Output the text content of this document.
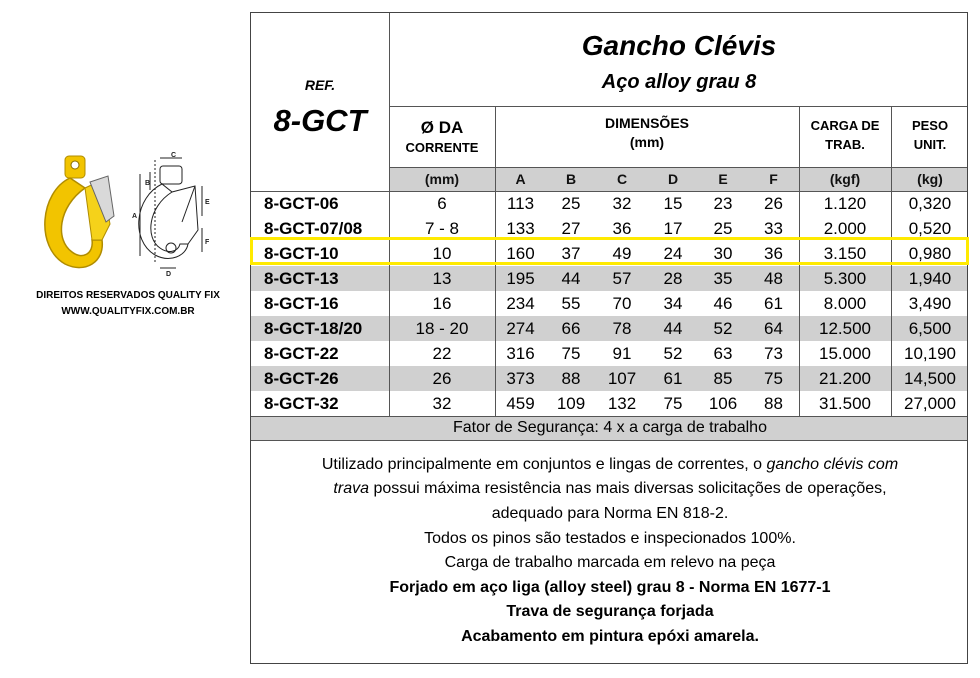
C
B
E
A
F
D
DIREITOS RESERVADOS QUALITY FIX
WWW.QUALITYFIX.COM.BR
Gancho Clévis
Aço alloy grau 8
REF.
8-GCT	Ø DA
CORRENTE
DIMENSÕES
(mm)
CARGA DE
TRAB.
PESO
UNIT.
(mm)	A	B	C	D	E	F	(kgf)	(kg)
8-GCT-06	6	113	25	32	15	23	26	1.120	0,320
8-GCT-07/08	7 - 8	133	27	36	17	25	33	2.000	0,520
8-GCT-10	10	160	37	49	24	30	36	3.150	0,980
8-GCT-13	13	195	44	57	28	35	48	5.300	1,940
8-GCT-16	16	234	55	70	34	46	61	8.000	3,490
8-GCT-18/20	18 - 20	274	66	78	44	52	64	12.500	6,500
8-GCT-22	22	316	75	91	52	63	73	15.000	10,190
8-GCT-26	26	373	88	107	61	85	75	21.200	14,500
8-GCT-32	32	459	109	132	75	106	88	31.500	27,000
Fator de Segurança: 4 x a carga de trabalho
Utilizado principalmente em conjuntos e lingas de correntes, o gancho clévis com
trava possui máxima resistência nas mais diversas solicitações de operações,
adequado para Norma EN 818-2.
Todos os pinos são testados e inspecionados 100%.
Carga de trabalho marcada em relevo na peça
Forjado em aço liga (alloy steel) grau 8 - Norma EN 1677-1
Trava de segurança forjada
Acabamento em pintura epóxi amarela.
